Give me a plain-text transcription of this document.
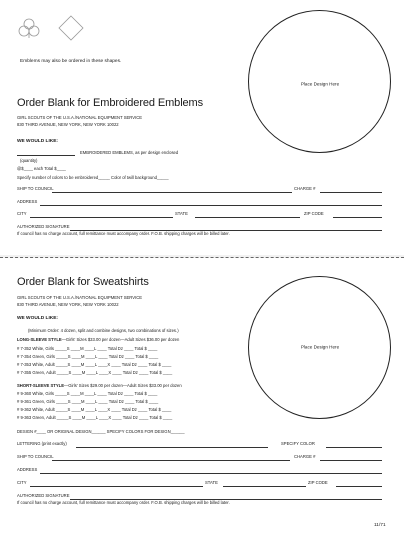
Emblems may also be ordered in these shapes.
Place Design Here
Order Blank for Embroidered Emblems
GIRL SCOUTS OF THE U.S.A./NATIONAL EQUIPMENT SERVICE
830 THIRD AVENUE, NEW YORK, NEW YORK 10022
WE WOULD LIKE:
EMBROIDERED EMBLEMS, as per design enclosed
(quantity)
@$____ each Total $____
Specify number of colors to be embroidered_____ Color of twill background_____
SHIP TO COUNCIL	CHARGE #
ADDRESS
CITY	STATE	ZIP CODE
AUTHORIZED SIGNATURE
If council has no charge account, full remittance must accompany order. F.O.B. shipping charges will be billed later.
Order Blank for Sweatshirts
GIRL SCOUTS OF THE U.S.A./NATIONAL EQUIPMENT SERVICE
830 THIRD AVENUE, NEW YORK, NEW YORK 10022
Place Design Here
WE WOULD LIKE:
(Minimum Order: 4 dozen, split and combine designs, two combinations of sizes.)
LONG-SLEEVE STYLE—Girls' Sizes $33.00 per dozen—Adult Sizes $36.00 per dozen
# 7-352 White, Girls _____S ____M ____L ____ Total Dz ____ Total $ ____
# 7-354 Green, Girls _____S ____M ____L ____ Total Dz ____ Total $ ____
# 7-353 White, Adult _____S ____M ____L ____X ____ Total Dz ____ Total $ ____
# 7-355 Green, Adult _____S ____M ____L ____X ____ Total Dz ____ Total $ ____
SHORT-SLEEVE STYLE—Girls' Sizes $29.00 per dozen—Adult Sizes $33.00 per dozen
# 9-360 White, Girls _____S ____M ____L ____ Total Dz ____ Total $ ____
# 9-361 Green, Girls _____S ____M ____L ____ Total Dz ____ Total $ ____
# 9-362 White, Adult _____S ____M ____L ____X ____ Total Dz ____ Total $ ____
# 9-363 Green, Adult _____S ____M ____L ____X ____ Total Dz ____ Total $ ____
DESIGN #____ OR ORIGINAL DESIGN______ SPECIFY COLORS FOR DESIGN______
LETTERING (print exactly)	SPECIFY COLOR
SHIP TO COUNCIL	CHARGE #
ADDRESS
CITY	STATE	ZIP CODE
AUTHORIZED SIGNATURE
If council has no charge account, full remittance must accompany order. F.O.B. shipping charges will be billed later.
11/71
